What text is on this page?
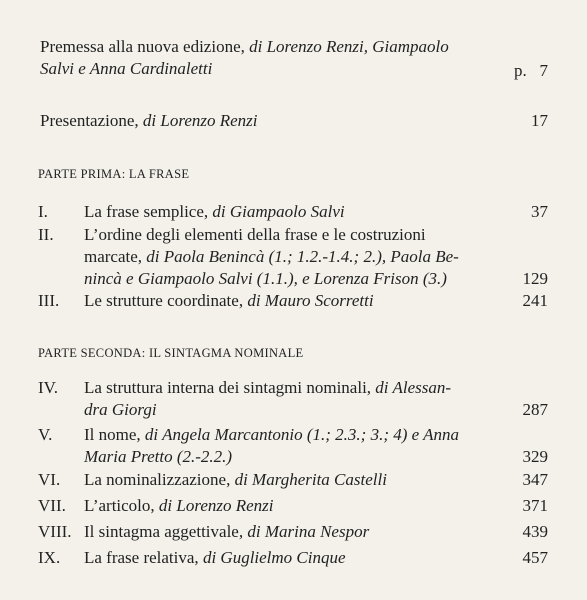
Premessa alla nuova edizione, di Lorenzo Renzi, Giampaolo
Salvi e Anna Cardinaletti	p. 7
Presentazione, di Lorenzo Renzi	17
PARTE PRIMA: LA FRASE
I. La frase semplice, di Giampaolo Salvi	37
II. L’ordine degli elementi della frase e le costruzioni
marcate, di Paola Benincà (1.; 1.2.-1.4.; 2.), Paola Be-
nincà e Giampaolo Salvi (1.1.), e Lorenza Frison (3.)	129
III. Le strutture coordinate, di Mauro Scorretti	241
PARTE SECONDA: IL SINTAGMA NOMINALE
IV. La struttura interna dei sintagmi nominali, di Alessan-
dra Giorgi	287
V. Il nome, di Angela Marcantonio (1.; 2.3.; 3.; 4) e Anna
Maria Pretto (2.-2.2.)	329
VI. La nominalizzazione, di Margherita Castelli	347
VII. L’articolo, di Lorenzo Renzi	371
VIII. Il sintagma aggettivale, di Marina Nespor	439
IX. La frase relativa, di Guglielmo Cinque	457
